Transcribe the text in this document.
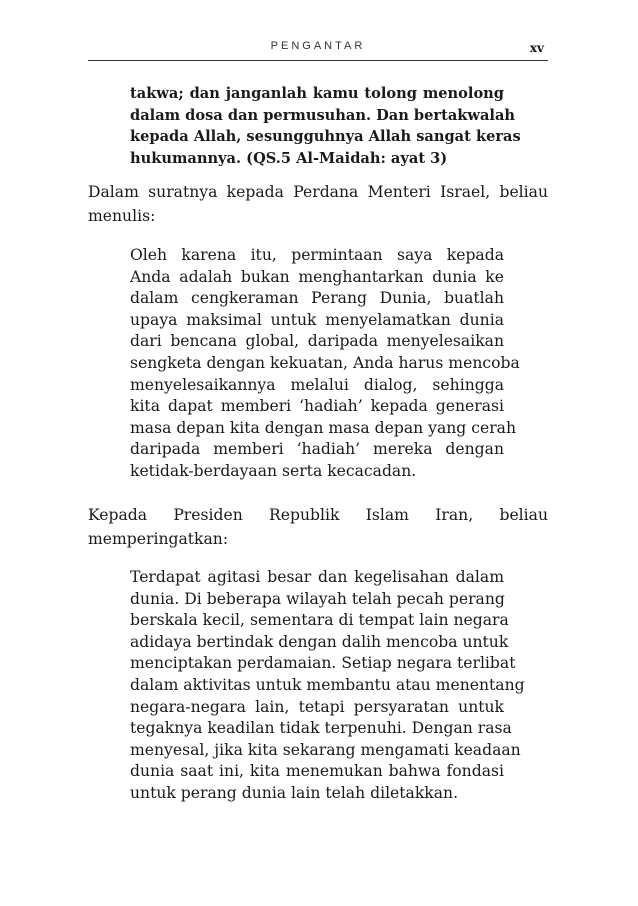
PENGANTAR	xv
takwa; dan janganlah kamu tolong menolong
dalam dosa dan permusuhan. Dan bertakwalah
kepada Allah, sesungguhnya Allah sangat keras
hukumannya. (QS.5 Al-Maidah: ayat 3)
Dalam suratnya kepada Perdana Menteri Israel, beliau
menulis:
Oleh karena itu, permintaan saya kepada
Anda adalah bukan menghantarkan dunia ke
dalam cengkeraman Perang Dunia, buatlah
upaya maksimal untuk menyelamatkan dunia
dari bencana global, daripada menyelesaikan
sengketa dengan kekuatan, Anda harus mencoba
menyelesaikannya melalui dialog, sehingga
kita dapat memberi ‘hadiah’ kepada generasi
masa depan kita dengan masa depan yang cerah
daripada memberi ‘hadiah’ mereka dengan
ketidak-berdayaan serta kecacadan.
Kepada Presiden Republik Islam Iran, beliau
memperingatkan:
Terdapat agitasi besar dan kegelisahan dalam
dunia. Di beberapa wilayah telah pecah perang
berskala kecil, sementara di tempat lain negara
adidaya bertindak dengan dalih mencoba untuk
menciptakan perdamaian. Setiap negara terlibat
dalam aktivitas untuk membantu atau menentang
negara-negara lain, tetapi persyaratan untuk
tegaknya keadilan tidak terpenuhi. Dengan rasa
menyesal, jika kita sekarang mengamati keadaan
dunia saat ini, kita menemukan bahwa fondasi
untuk perang dunia lain telah diletakkan.
